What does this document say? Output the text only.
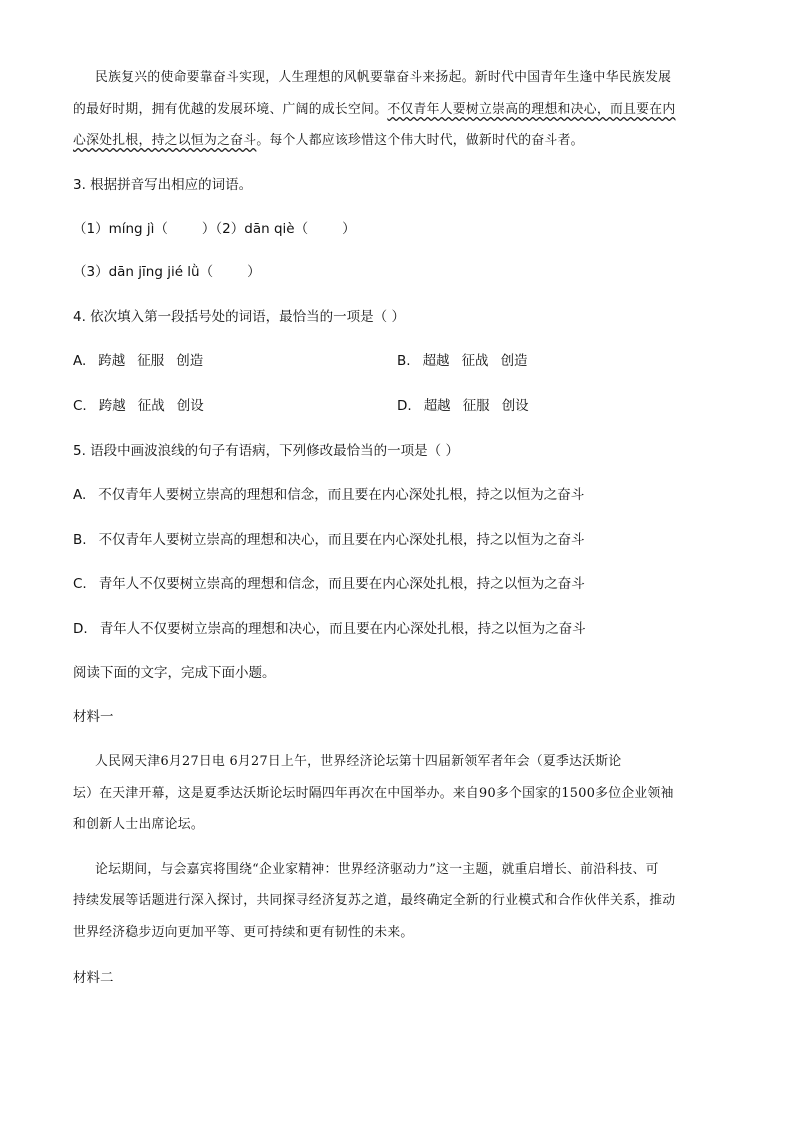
民族复兴的使命要靠奋斗实现，人生理想的风帆要靠奋斗来扬起。新时代中国青年生逢中华民族发展
的最好时期，拥有优越的发展环境、广阔的成长空间。不仅青年人要树立崇高的理想和决心，而且要在内
心深处扎根，持之以恒为之奋斗。每个人都应该珍惜这个伟大时代，做新时代的奋斗者。
3. 根据拼音写出相应的词语。
（1）míng jì（	）（2）dān qiè（	）
（3）dān jīng jié lǜ（	）
4. 依次填入第一段括号处的词语，最恰当的一项是（ ）
A. 跨越 征服 创造	B. 超越 征战 创造
C. 跨越 征战 创设	D. 超越 征服 创设
5. 语段中画波浪线的句子有语病，下列修改最恰当的一项是（ ）
A. 不仅青年人要树立崇高的理想和信念，而且要在内心深处扎根，持之以恒为之奋斗
B. 不仅青年人要树立崇高的理想和决心，而且要在内心深处扎根，持之以恒为之奋斗
C. 青年人不仅要树立崇高的理想和信念，而且要在内心深处扎根，持之以恒为之奋斗
D. 青年人不仅要树立崇高的理想和决心，而且要在内心深处扎根，持之以恒为之奋斗
阅读下面的文字，完成下面小题。
材料一
人民网天津6月27日电 6月27日上午，世界经济论坛第十四届新领军者年会（夏季达沃斯论
坛）在天津开幕，这是夏季达沃斯论坛时隔四年再次在中国举办。来自90多个国家的1500多位企业领袖
和创新人士出席论坛。
论坛期间，与会嘉宾将围绕“企业家精神：世界经济驱动力”这一主题，就重启增长、前沿科技、可
持续发展等话题进行深入探讨，共同探寻经济复苏之道，最终确定全新的行业模式和合作伙伴关系，推动
世界经济稳步迈向更加平等、更可持续和更有韧性的未来。
材料二
